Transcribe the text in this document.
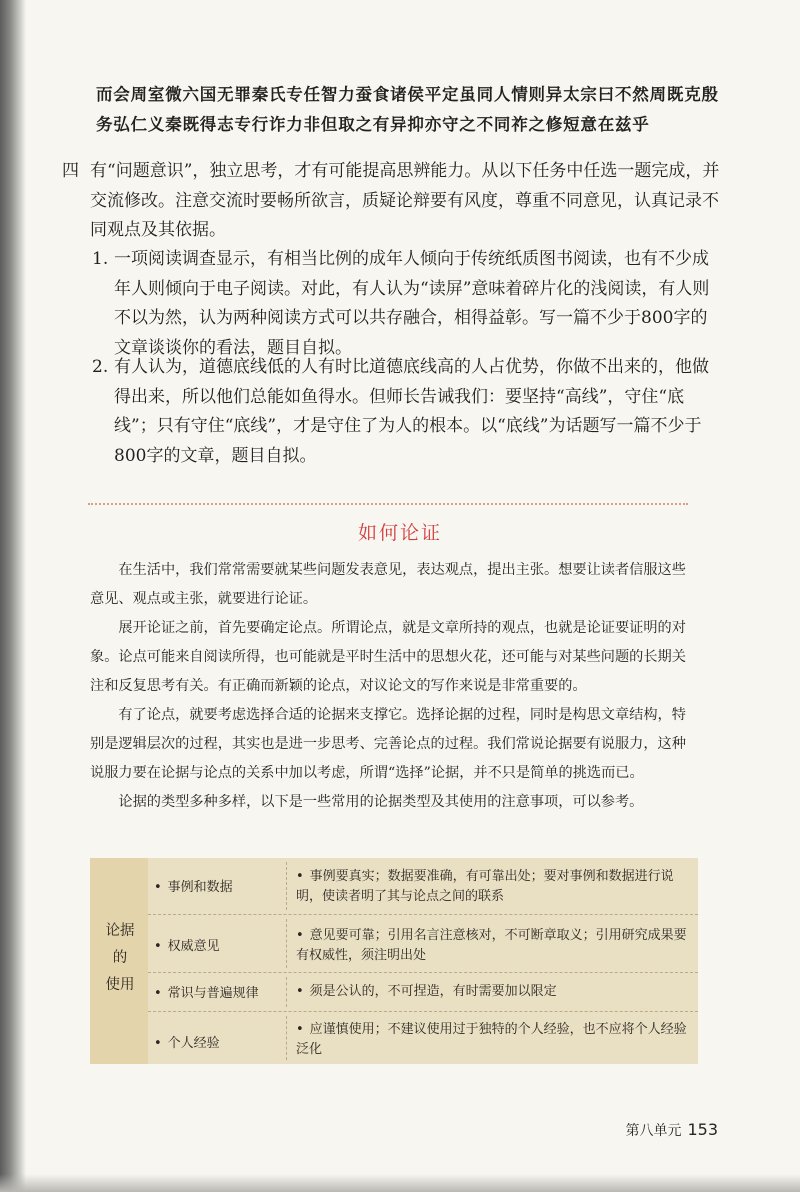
而会周室微六国无罪秦氏专任智力蚕食诸侯平定虽同人情则异太宗曰不然周既克殷

务弘仁义秦既得志专行诈力非但取之有异抑亦守之不同祚之修短意在兹乎

四 有“问题意识”，独立思考，才有可能提高思辨能力。从以下任务中任选一题完成，并交流修改。注意交流时要畅所欲言，质疑论辩要有风度，尊重不同意见，认真记录不同观点及其依据。
1. 一项阅读调查显示，有相当比例的成年人倾向于传统纸质图书阅读，也有不少成年人则倾向于电子阅读。对此，有人认为“读屏”意味着碎片化的浅阅读，有人则不以为然，认为两种阅读方式可以共存融合，相得益彰。写一篇不少于800字的文章谈谈你的看法，题目自拟。
2. 有人认为，道德底线低的人有时比道德底线高的人占优势，你做不出来的，他做得出来，所以他们总能如鱼得水。但师长告诫我们：要坚持“高线”，守住“底线”；只有守住“底线”，才是守住了为人的根本。以“底线”为话题写一篇不少于800字的文章，题目自拟。
如何论证

在生活中，我们常常需要就某些问题发表意见，表达观点，提出主张。想要让读者信服这些意见、观点或主张，就要进行论证。

展开论证之前，首先要确定论点。所谓论点，就是文章所持的观点，也就是论证要证明的对象。论点可能来自阅读所得，也可能就是平时生活中的思想火花，还可能与对某些问题的长期关注和反复思考有关。有正确而新颖的论点，对议论文的写作来说是非常重要的。

有了论点，就要考虑选择合适的论据来支撑它。选择论据的过程，同时是构思文章结构，特别是逻辑层次的过程，其实也是进一步思考、完善论点的过程。我们常说论据要有说服力，这种说服力要在论据与论点的关系中加以考虑，所谓“选择”论据，并不只是简单的挑选而已。

论据的类型多种多样，以下是一些常用的论据类型及其使用的注意事项，可以参考。

论据
的
使用
• 事例和数据
• 事例要真实；数据要准确，有可靠出处；要对事例和数据进行说明，使读者明了其与论点之间的联系
• 权威意见
• 意见要可靠；引用名言注意核对，不可断章取义；引用研究成果要有权威性，须注明出处
• 常识与普遍规律	• 须是公认的，不可捏造，有时需要加以限定
• 个人经验
• 应谨慎使用；不建议使用过于独特的个人经验，也不应将个人经验泛化
第八单元 153
